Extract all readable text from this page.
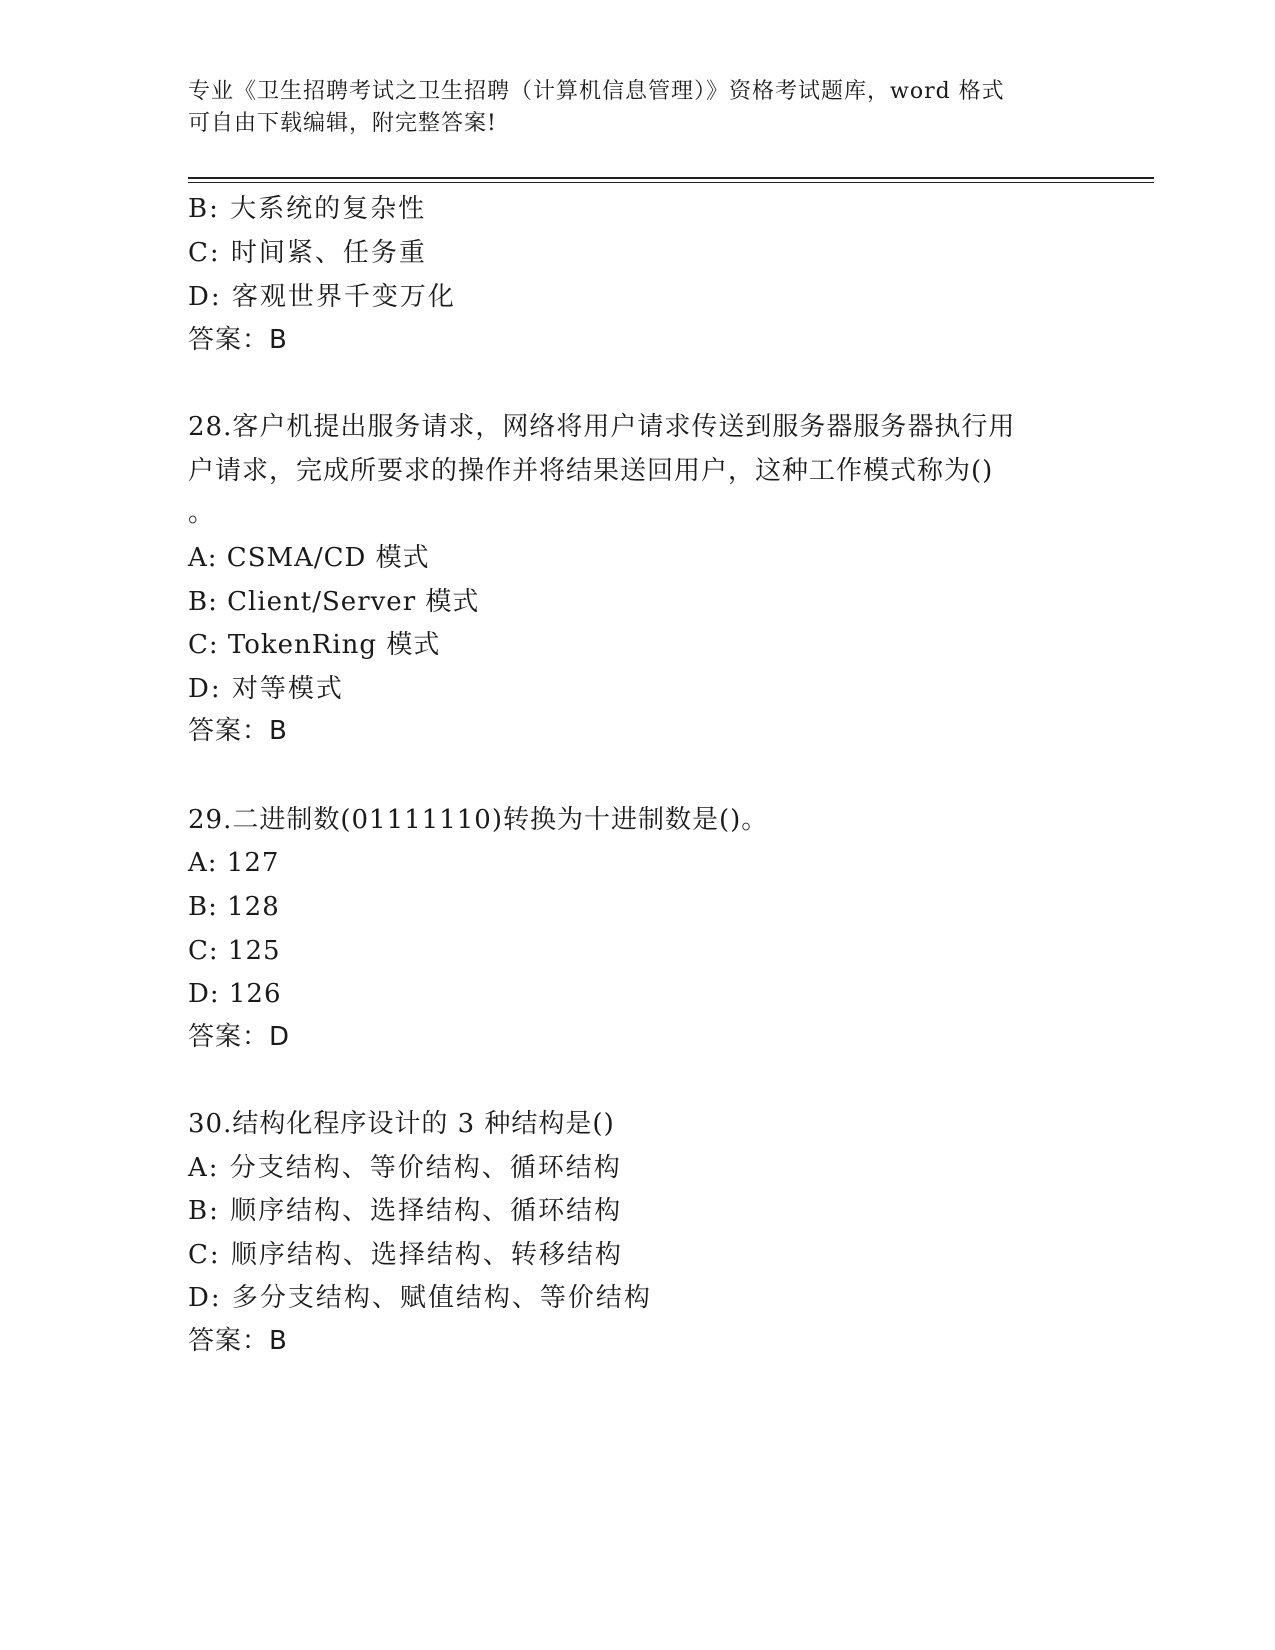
专业《卫生招聘考试之卫生招聘（计算机信息管理）》资格考试题库，word 格式
可自由下载编辑，附完整答案!
B: 大系统的复杂性
C: 时间紧、任务重
D: 客观世界千变万化
答案：B
28.客户机提出服务请求，网络将用户请求传送到服务器服务器执行用
户请求，完成所要求的操作并将结果送回用户，这种工作模式称为()
。
A: CSMA/CD 模式
B: Client/Server 模式
C: TokenRing 模式
D: 对等模式
答案：B
29.二进制数(01111110)转换为十进制数是()。
A: 127
B: 128
C: 125
D: 126
答案：D
30.结构化程序设计的 3 种结构是()
A: 分支结构、等价结构、循环结构
B: 顺序结构、选择结构、循环结构
C: 顺序结构、选择结构、转移结构
D: 多分支结构、赋值结构、等价结构
答案：B
